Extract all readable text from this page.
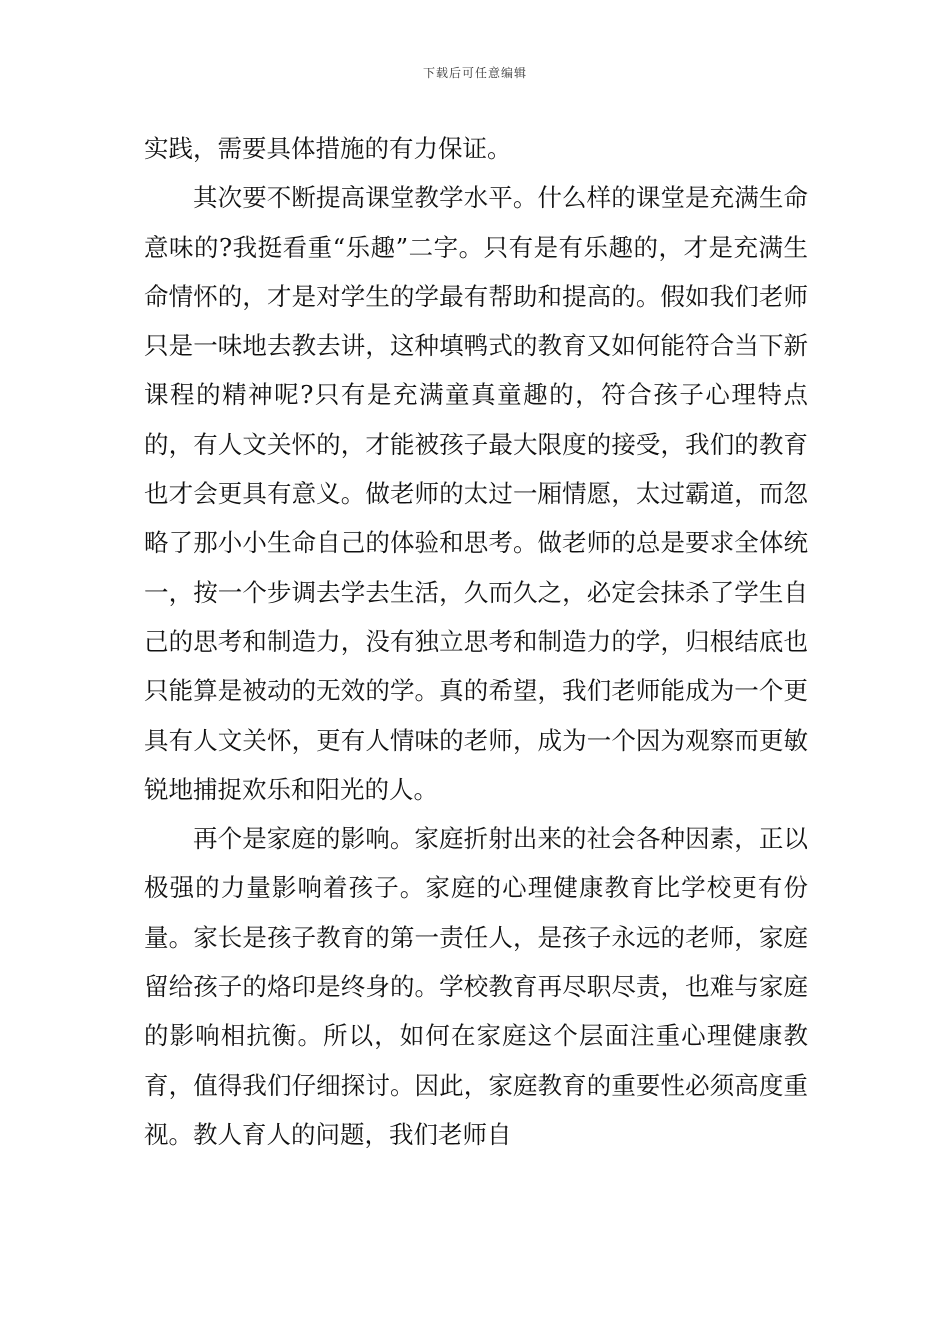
下载后可任意编辑

实践，需要具体措施的有力保证。

其次要不断提高课堂教学水平。什么样的课堂是充满生命意味的?我挺看重“乐趣”二字。只有是有乐趣的，才是充满生命情怀的，才是对学生的学最有帮助和提高的。假如我们老师只是一味地去教去讲，这种填鸭式的教育又如何能符合当下新课程的精神呢?只有是充满童真童趣的，符合孩子心理特点的，有人文关怀的，才能被孩子最大限度的接受，我们的教育也才会更具有意义。做老师的太过一厢情愿，太过霸道，而忽略了那小小生命自己的体验和思考。做老师的总是要求全体统一，按一个步调去学去生活，久而久之，必定会抹杀了学生自己的思考和制造力，没有独立思考和制造力的学，归根结底也只能算是被动的无效的学。真的希望，我们老师能成为一个更具有人文关怀，更有人情味的老师，成为一个因为观察而更敏锐地捕捉欢乐和阳光的人。

再个是家庭的影响。家庭折射出来的社会各种因素，正以极强的力量影响着孩子。家庭的心理健康教育比学校更有份量。家长是孩子教育的第一责任人，是孩子永远的老师，家庭留给孩子的烙印是终身的。学校教育再尽职尽责，也难与家庭的影响相抗衡。所以，如何在家庭这个层面注重心理健康教育，值得我们仔细探讨。因此，家庭教育的重要性必须高度重视。教人育人的问题，我们老师自
